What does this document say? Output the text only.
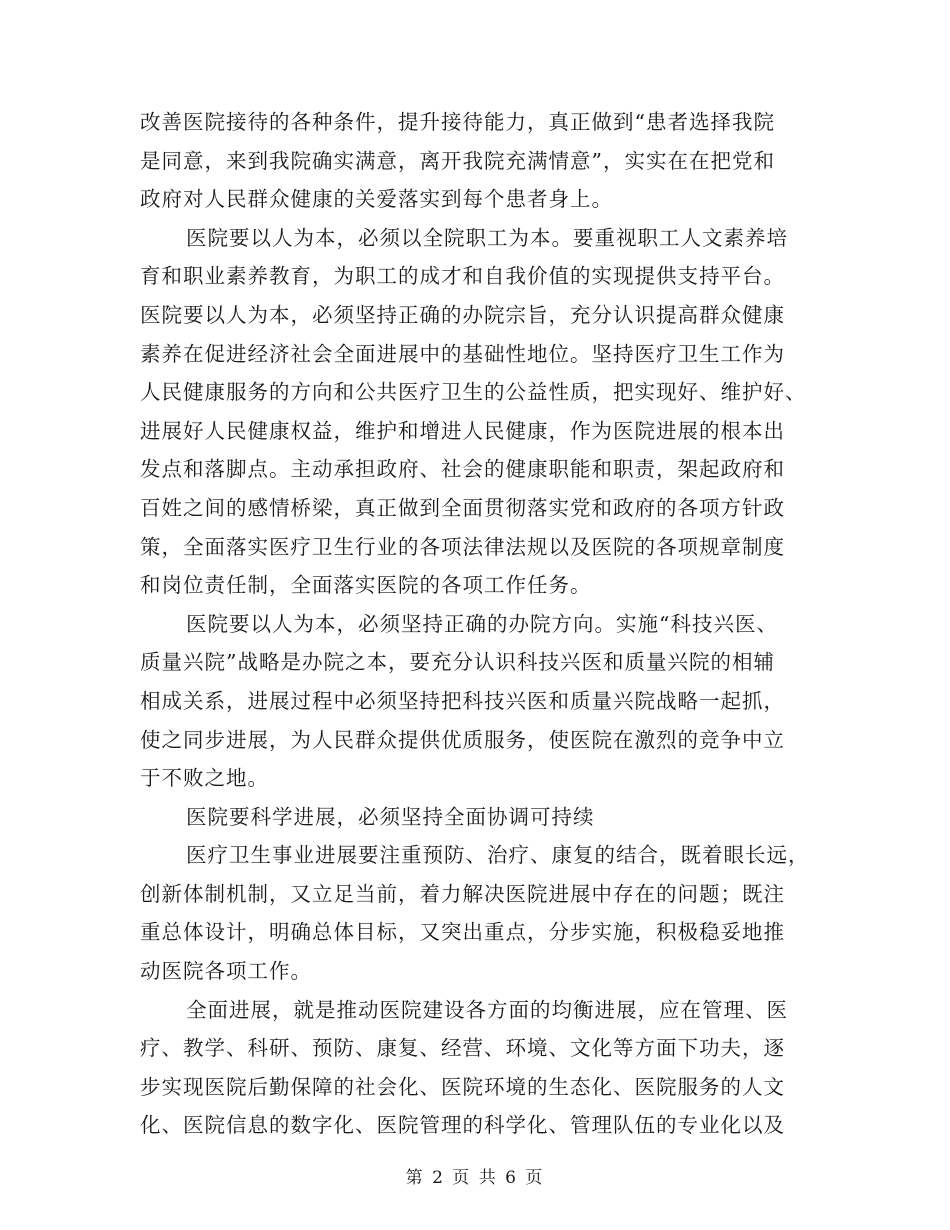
改善医院接待的各种条件，提升接待能力，真正做到“患者选择我院
是同意，来到我院确实满意，离开我院充满情意”，实实在在把党和
政府对人民群众健康的关爱落实到每个患者身上。
医院要以人为本，必须以全院职工为本。要重视职工人文素养培
育和职业素养教育，为职工的成才和自我价值的实现提供支持平台。
医院要以人为本，必须坚持正确的办院宗旨，充分认识提高群众健康
素养在促进经济社会全面进展中的基础性地位。坚持医疗卫生工作为
人民健康服务的方向和公共医疗卫生的公益性质，把实现好、维护好、
进展好人民健康权益，维护和增进人民健康，作为医院进展的根本出
发点和落脚点。主动承担政府、社会的健康职能和职责，架起政府和
百姓之间的感情桥梁，真正做到全面贯彻落实党和政府的各项方针政
策，全面落实医疗卫生行业的各项法律法规以及医院的各项规章制度
和岗位责任制，全面落实医院的各项工作任务。
医院要以人为本，必须坚持正确的办院方向。实施“科技兴医、
质量兴院”战略是办院之本，要充分认识科技兴医和质量兴院的相辅
相成关系，进展过程中必须坚持把科技兴医和质量兴院战略一起抓，
使之同步进展，为人民群众提供优质服务，使医院在激烈的竞争中立
于不败之地。
医院要科学进展，必须坚持全面协调可持续
医疗卫生事业进展要注重预防、治疗、康复的结合，既着眼长远，
创新体制机制，又立足当前，着力解决医院进展中存在的问题；既注
重总体设计，明确总体目标，又突出重点，分步实施，积极稳妥地推
动医院各项工作。
全面进展，就是推动医院建设各方面的均衡进展，应在管理、医
疗、教学、科研、预防、康复、经营、环境、文化等方面下功夫，逐
步实现医院后勤保障的社会化、医院环境的生态化、医院服务的人文
化、医院信息的数字化、医院管理的科学化、管理队伍的专业化以及
第 2 页 共 6 页
